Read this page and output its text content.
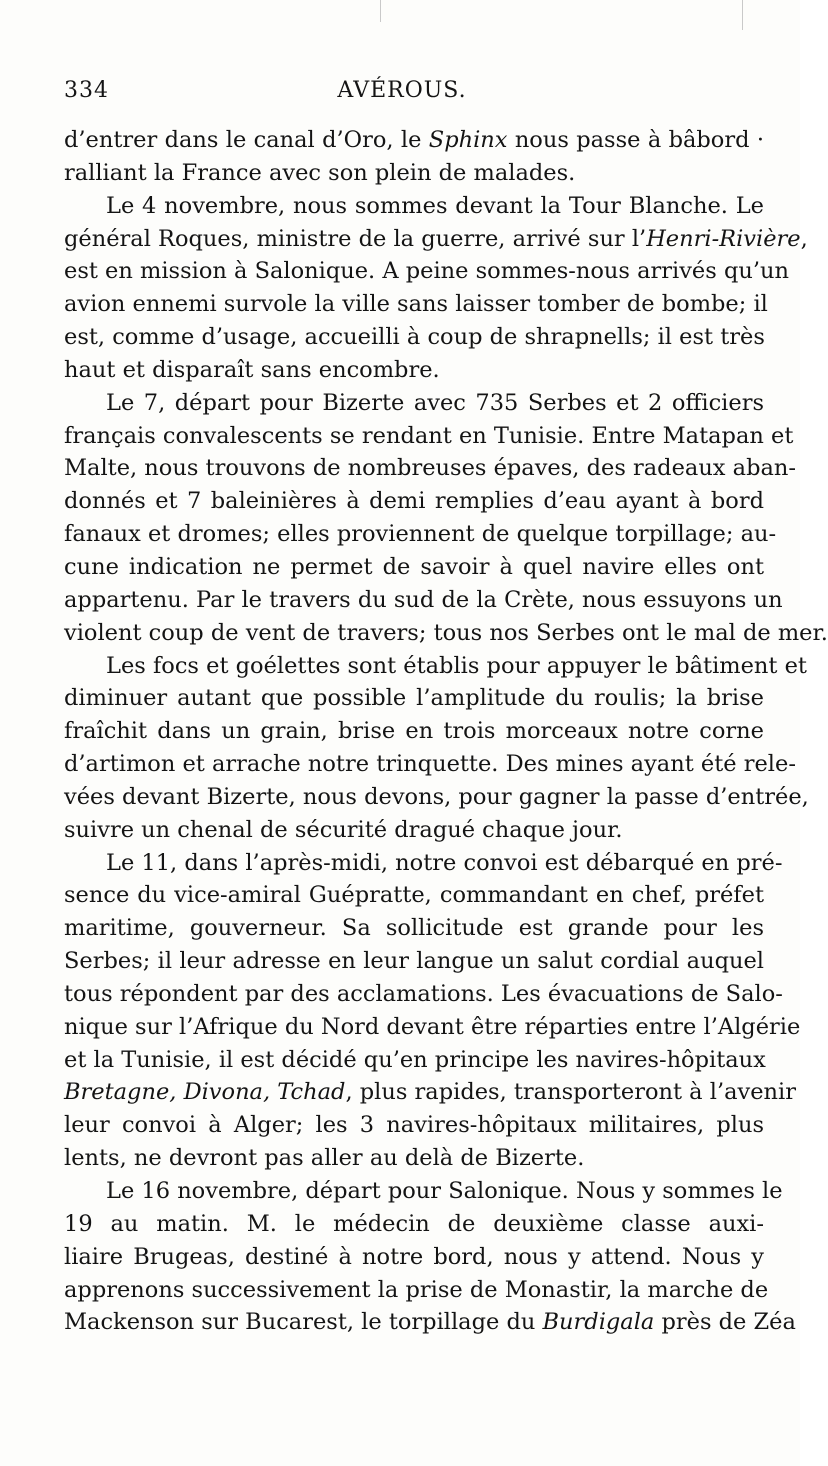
334	AVÉROUS.
d’entrer dans le canal d’Oro, le Sphinx nous passe à bâbord ·
ralliant la France avec son plein de malades.
Le 4 novembre, nous sommes devant la Tour Blanche. Le
général Roques, ministre de la guerre, arrivé sur l’Henri-Rivière,
est en mission à Salonique. A peine sommes-nous arrivés qu’un
avion ennemi survole la ville sans laisser tomber de bombe; il
est, comme d’usage, accueilli à coup de shrapnells; il est très
haut et disparaît sans encombre.
Le 7, départ pour Bizerte avec 735 Serbes et 2 officiers
français convalescents se rendant en Tunisie. Entre Matapan et
Malte, nous trouvons de nombreuses épaves, des radeaux aban-
donnés et 7 baleinières à demi remplies d’eau ayant à bord
fanaux et dromes; elles proviennent de quelque torpillage; au-
cune indication ne permet de savoir à quel navire elles ont
appartenu. Par le travers du sud de la Crète, nous essuyons un
violent coup de vent de travers; tous nos Serbes ont le mal de mer.
Les focs et goélettes sont établis pour appuyer le bâtiment et
diminuer autant que possible l’amplitude du roulis; la brise
fraîchit dans un grain, brise en trois morceaux notre corne
d’artimon et arrache notre trinquette. Des mines ayant été rele-
vées devant Bizerte, nous devons, pour gagner la passe d’entrée,
suivre un chenal de sécurité dragué chaque jour.
Le 11, dans l’après-midi, notre convoi est débarqué en pré-
sence du vice-amiral Guépratte, commandant en chef, préfet
maritime, gouverneur. Sa sollicitude est grande pour les
Serbes; il leur adresse en leur langue un salut cordial auquel
tous répondent par des acclamations. Les évacuations de Salo-
nique sur l’Afrique du Nord devant être réparties entre l’Algérie
et la Tunisie, il est décidé qu’en principe les navires-hôpitaux
Bretagne, Divona, Tchad, plus rapides, transporteront à l’avenir
leur convoi à Alger; les 3 navires-hôpitaux militaires, plus
lents, ne devront pas aller au delà de Bizerte.
Le 16 novembre, départ pour Salonique. Nous y sommes le
19 au matin. M. le médecin de deuxième classe auxi-
liaire Brugeas, destiné à notre bord, nous y attend. Nous y
apprenons successivement la prise de Monastir, la marche de
Mackenson sur Bucarest, le torpillage du Burdigala près de Zéa
